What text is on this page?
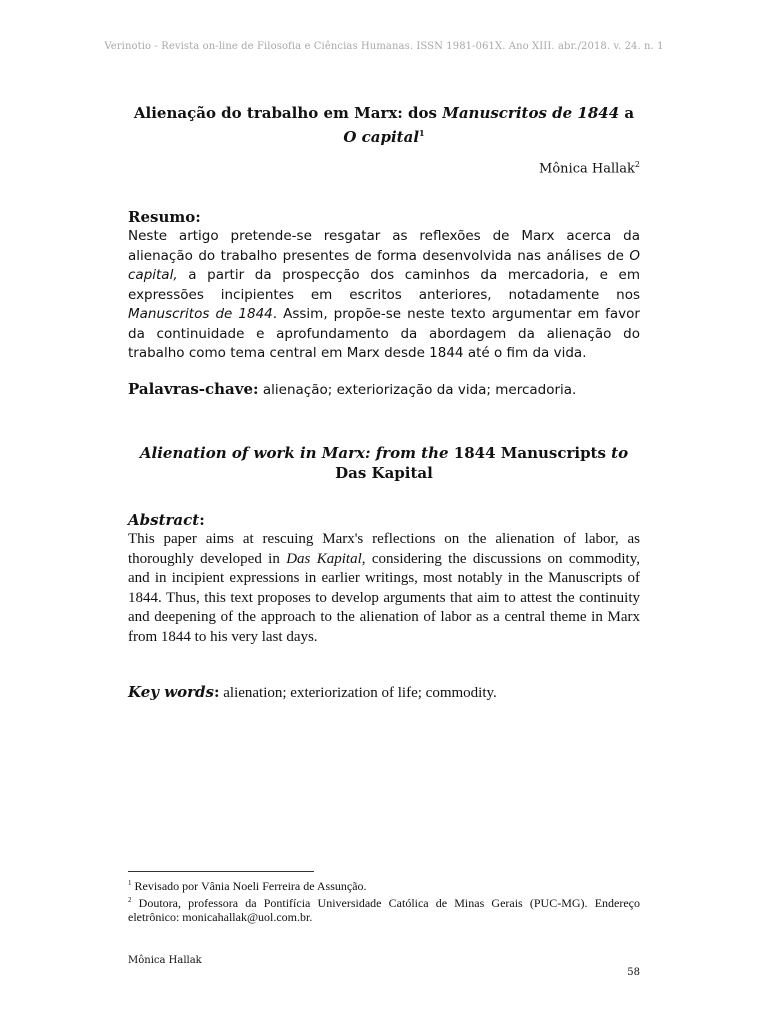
Verinotio - Revista on-line de Filosofia e Ciências Humanas. ISSN 1981-061X. Ano XIII. abr./2018. v. 24. n. 1
Alienação do trabalho em Marx: dos Manuscritos de 1844 a O capital$^1$
Mônica Hallak$^2$
Resumo:
Neste artigo pretende-se resgatar as reflexões de Marx acerca da alienação do trabalho presentes de forma desenvolvida nas análises de O capital, a partir da prospecção dos caminhos da mercadoria, e em expressões incipientes em escritos anteriores, notadamente nos Manuscritos de 1844. Assim, propõe-se neste texto argumentar em favor da continuidade e aprofundamento da abordagem da alienação do trabalho como tema central em Marx desde 1844 até o fim da vida.
Palavras-chave: alienação; exteriorização da vida; mercadoria.
Alienation of work in Marx: from the 1844 Manuscripts to Das Kapital
Abstract:
This paper aims at rescuing Marx's reflections on the alienation of labor, as thoroughly developed in Das Kapital, considering the discussions on commodity, and in incipient expressions in earlier writings, most notably in the Manuscripts of 1844. Thus, this text proposes to develop arguments that aim to attest the continuity and deepening of the approach to the alienation of labor as a central theme in Marx from 1844 to his very last days.
Key words: alienation; exteriorization of life; commodity.
$^1$ Revisado por Vânia Noeli Ferreira de Assunção.
$^2$ Doutora, professora da Pontifícia Universidade Católica de Minas Gerais (PUC-MG). Endereço eletrônico: monicahallak@uol.com.br.
Mônica Hallak
58
